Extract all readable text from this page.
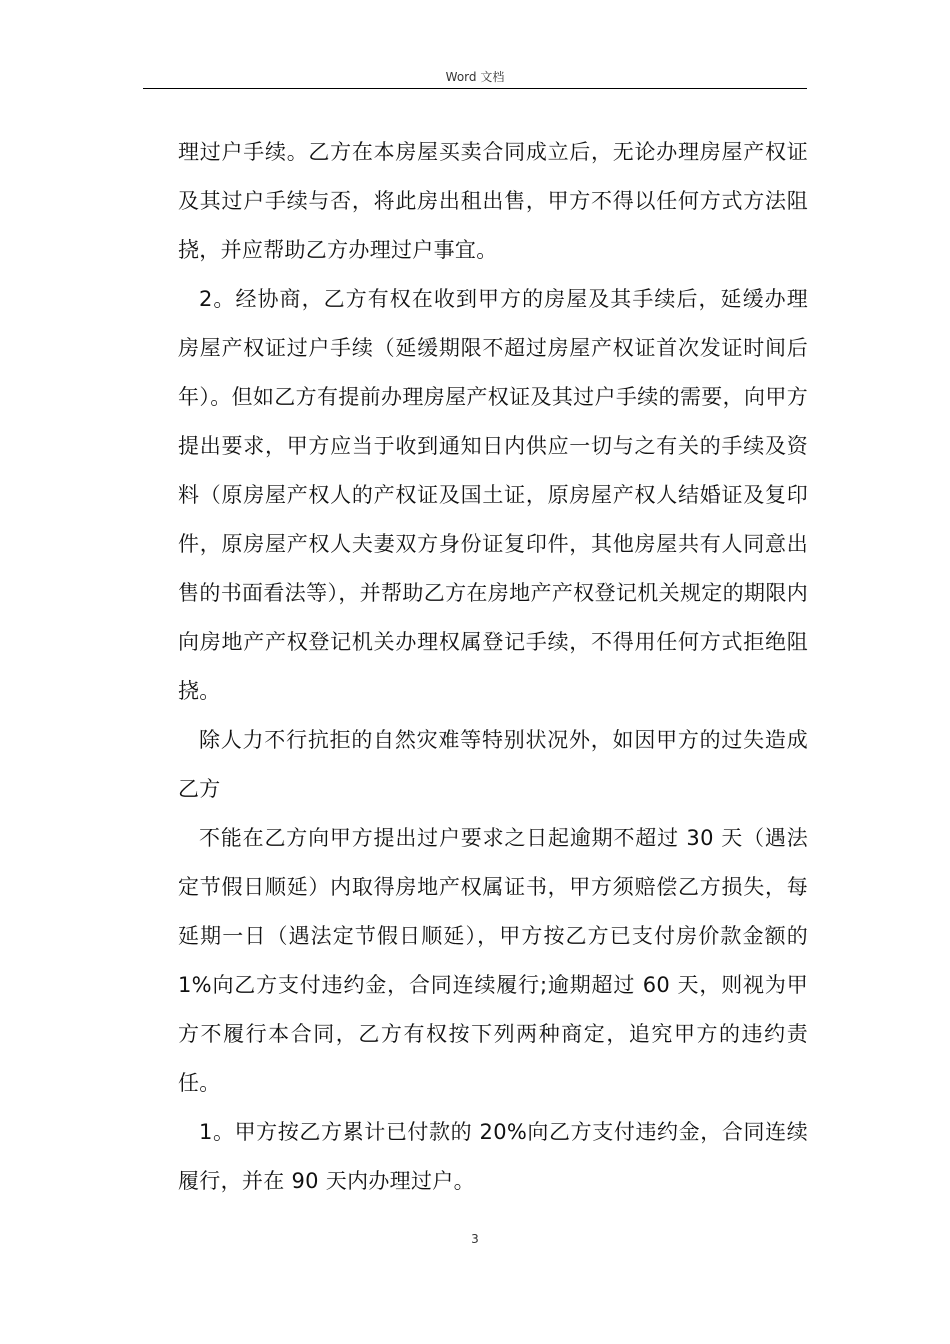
Word 文档

理过户手续。乙方在本房屋买卖合同成立后，无论办理房屋产权证及其过户手续与否，将此房出租出售，甲方不得以任何方式方法阻挠，并应帮助乙方办理过户事宜。

2。经协商，乙方有权在收到甲方的房屋及其手续后，延缓办理房屋产权证过户手续（延缓期限不超过房屋产权证首次发证时间后年）。但如乙方有提前办理房屋产权证及其过户手续的需要，向甲方提出要求，甲方应当于收到通知日内供应一切与之有关的手续及资料（原房屋产权人的产权证及国土证，原房屋产权人结婚证及复印件，原房屋产权人夫妻双方身份证复印件，其他房屋共有人同意出售的书面看法等），并帮助乙方在房地产产权登记机关规定的期限内向房地产产权登记机关办理权属登记手续，不得用任何方式拒绝阻挠。

除人力不行抗拒的自然灾难等特别状况外，如因甲方的过失造成乙方

不能在乙方向甲方提出过户要求之日起逾期不超过 30 天（遇法定节假日顺延）内取得房地产权属证书，甲方须赔偿乙方损失，每延期一日（遇法定节假日顺延），甲方按乙方已支付房价款金额的 1%向乙方支付违约金，合同连续履行;逾期超过 60 天，则视为甲方不履行本合同，乙方有权按下列两种商定，追究甲方的违约责任。

1。甲方按乙方累计已付款的 20%向乙方支付违约金，合同连续履行，并在 90 天内办理过户。

3
